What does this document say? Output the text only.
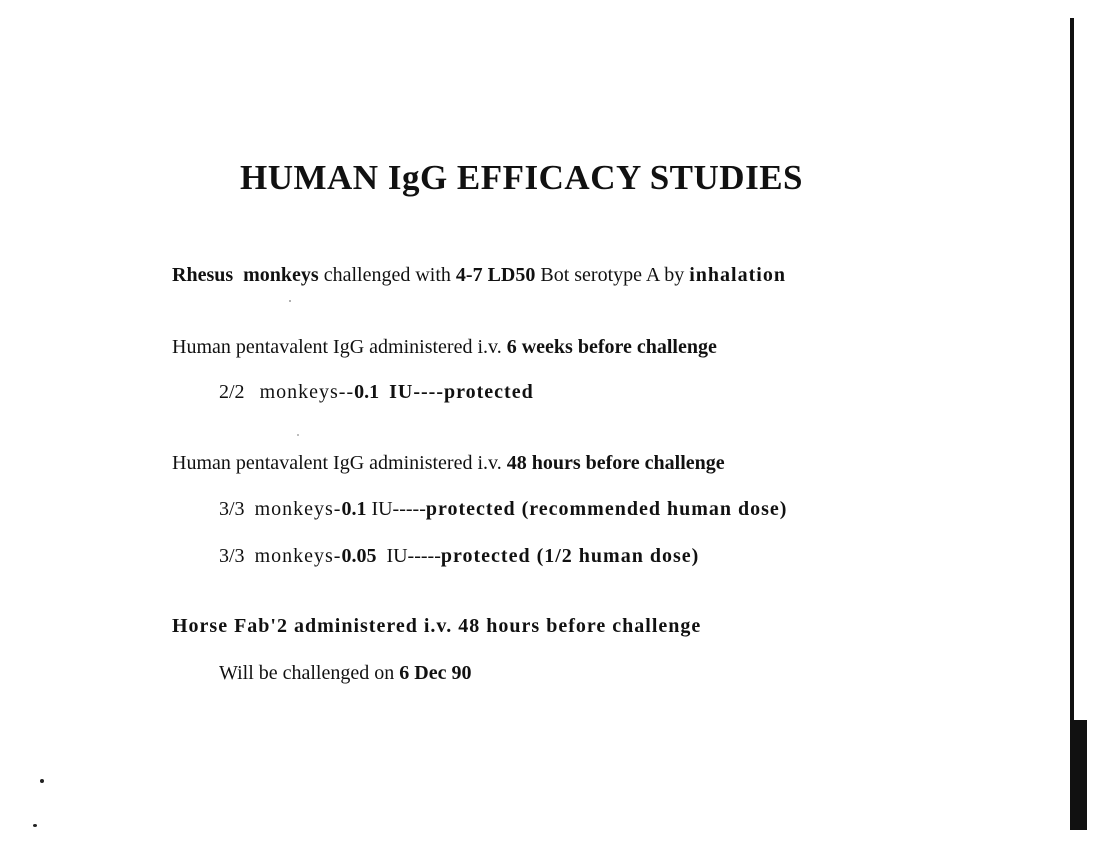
HUMAN IgG EFFICACY STUDIES

Rhesus monkeys challenged with 4-7 LD50 Bot serotype A by inhalation

Human pentavalent IgG administered i.v. 6 weeks before challenge

2/2 monkeys--0.1 IU----protected

Human pentavalent IgG administered i.v. 48 hours before challenge

3/3 monkeys-0.1 IU-----protected (recommended human dose)

3/3 monkeys-0.05 IU-----protected (1/2 human dose)

Horse Fab'2 administered i.v. 48 hours before challenge

Will be challenged on 6 Dec 90
